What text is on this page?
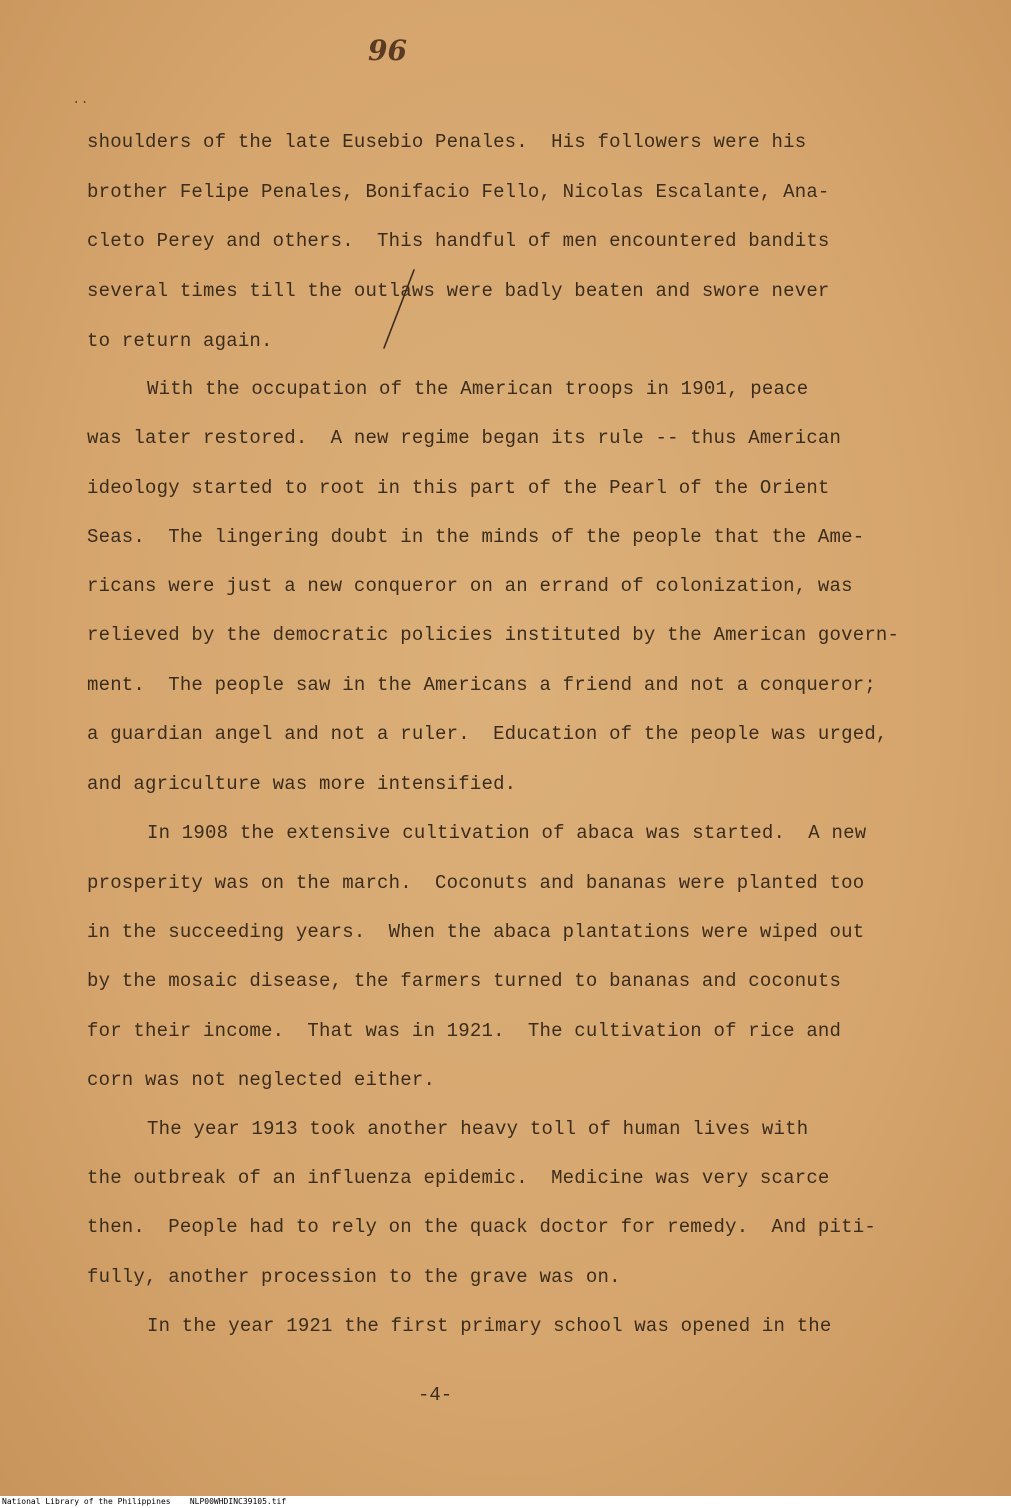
96
..
shoulders of the late Eusebio Penales.  His followers were his
brother Felipe Penales, Bonifacio Fello, Nicolas Escalante, Ana-
cleto Perey and others.  This handful of men encountered bandits
several times till the outlaws were badly beaten and swore never
to return again.
With the occupation of the American troops in 1901, peace
was later restored.  A new regime began its rule -- thus American
ideology started to root in this part of the Pearl of the Orient
Seas.  The lingering doubt in the minds of the people that the Ame-
ricans were just a new conqueror on an errand of colonization, was
relieved by the democratic policies instituted by the American govern-
ment.  The people saw in the Americans a friend and not a conqueror;
a guardian angel and not a ruler.  Education of the people was urged,
and agriculture was more intensified.
In 1908 the extensive cultivation of abaca was started.  A new
prosperity was on the march.  Coconuts and bananas were planted too
in the succeeding years.  When the abaca plantations were wiped out
by the mosaic disease, the farmers turned to bananas and coconuts
for their income.  That was in 1921.  The cultivation of rice and
corn was not neglected either.
The year 1913 took another heavy toll of human lives with
the outbreak of an influenza epidemic.  Medicine was very scarce
then.  People had to rely on the quack doctor for remedy.  And piti-
fully, another procession to the grave was on.
In the year 1921 the first primary school was opened in the
-4-
National Library of the Philippines    NLP00WHDINC39105.tif
